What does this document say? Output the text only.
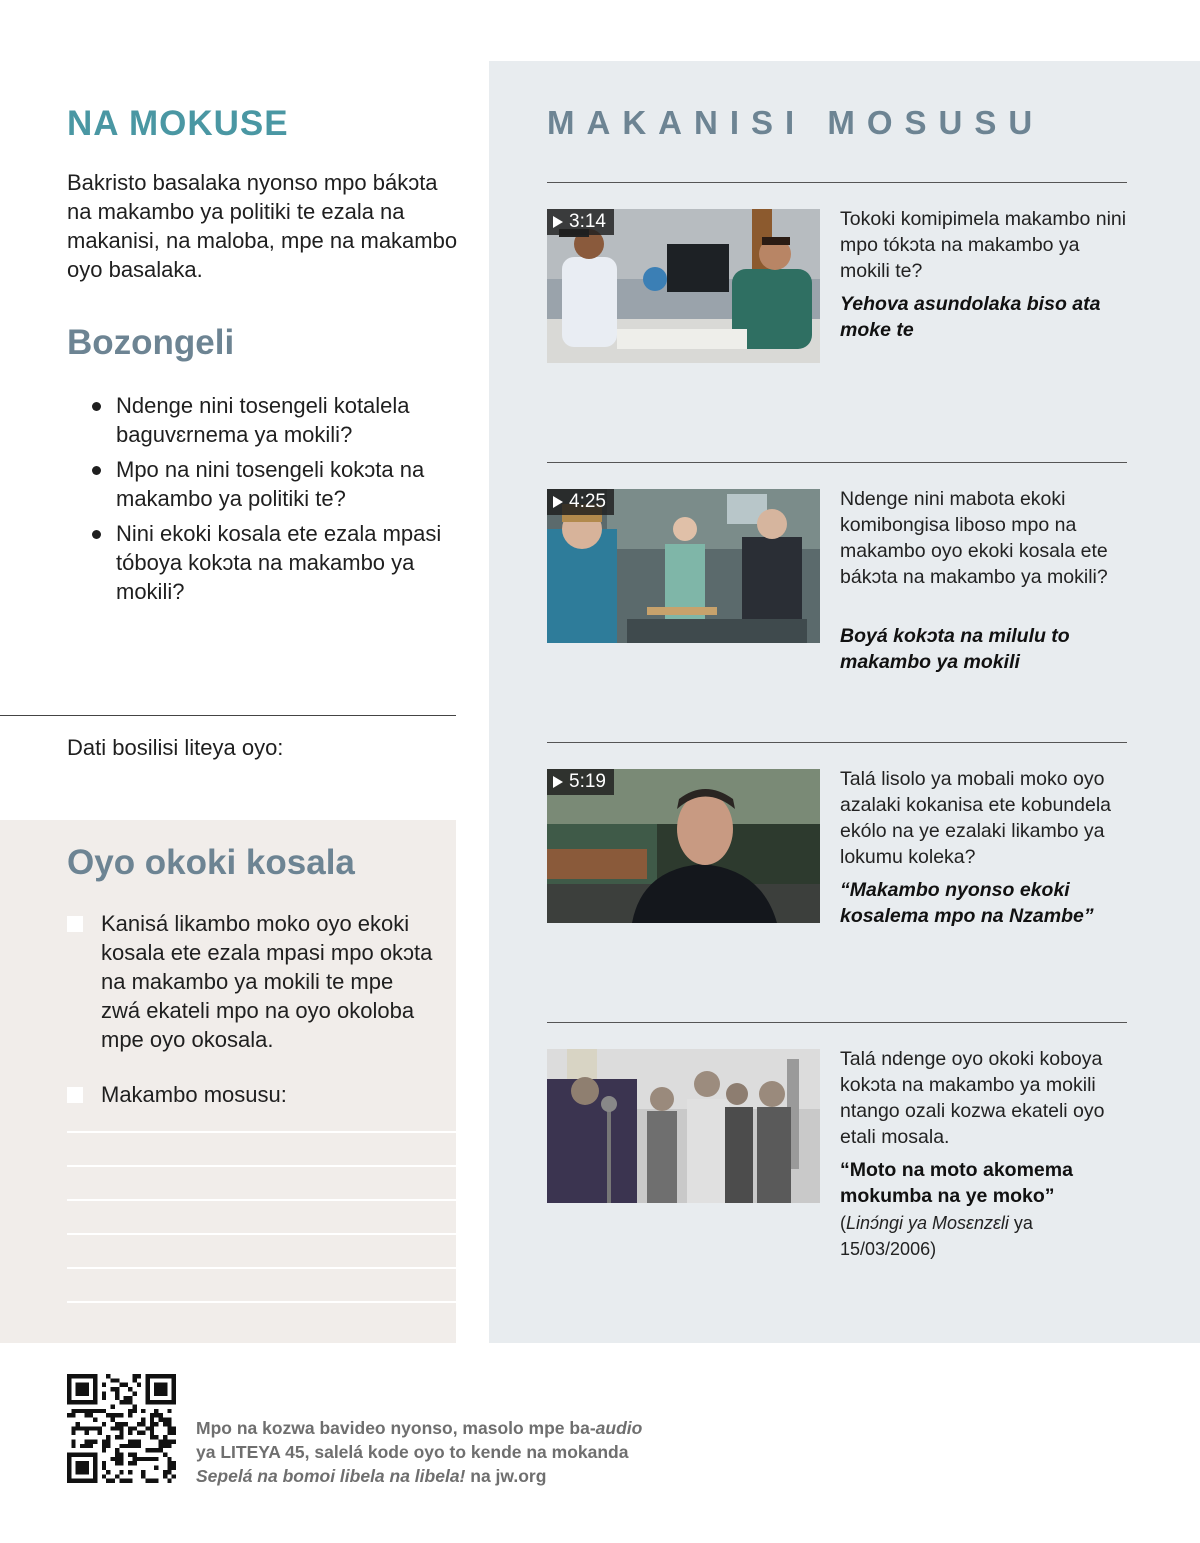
NA MOKUSE

Bakristo basalaka nyonso mpo bákɔta na makambo ya politiki te ezala na makanisi, na maloba, mpe na makambo oyo basalaka.

Bozongeli
Ndenge nini tosengeli kotalela baguvɛrnema ya mokili?
Mpo na nini tosengeli kokɔta na makambo ya politiki te?
Nini ekoki kosala ete ezala mpasi tóboya kokɔta na makambo ya mokili?

Dati bosilisi liteya oyo:

Oyo okoki kosala
Kanisá likambo moko oyo ekoki kosala ete ezala mpasi mpo okɔta na makambo ya mokili te mpe zwá ekateli mpo na oyo okoloba mpe oyo okosala.
Makambo mosusu:
MAKANISI MOSUSU
3:14	Tokoki komipimela makambo nini mpo tókɔta na makambo ya mokili te?

Yehova asundolaka biso ata moke te

4:25	Ndenge nini mabota ekoki komibongisa liboso mpo na makambo oyo ekoki kosala ete bákɔta na makambo ya mokili?

Boyá kokɔta na milulu to makambo ya mokili

5:19	Talá lisolo ya mobali moko oyo azalaki kokanisa ete kobundela ekólo na ye ezalaki likambo ya lokumu koleka?

“Makambo nyonso ekoki kosalema mpo na Nzambe”

Talá ndenge oyo okoki koboya kokɔta na makambo ya mokili ntango ozali kozwa ekateli oyo etali mosala.

“Moto na moto akomema mokumba na ye moko”

(Linɔ́ngi ya Mosɛnzɛli ya 15/03/2006)

Mpo na kozwa bavideo nyonso, masolo mpe ba-audio
ya LITEYA 45, salelá kode oyo to kende na mokanda
Sepelá na bomoi libela na libela! na jw.org
